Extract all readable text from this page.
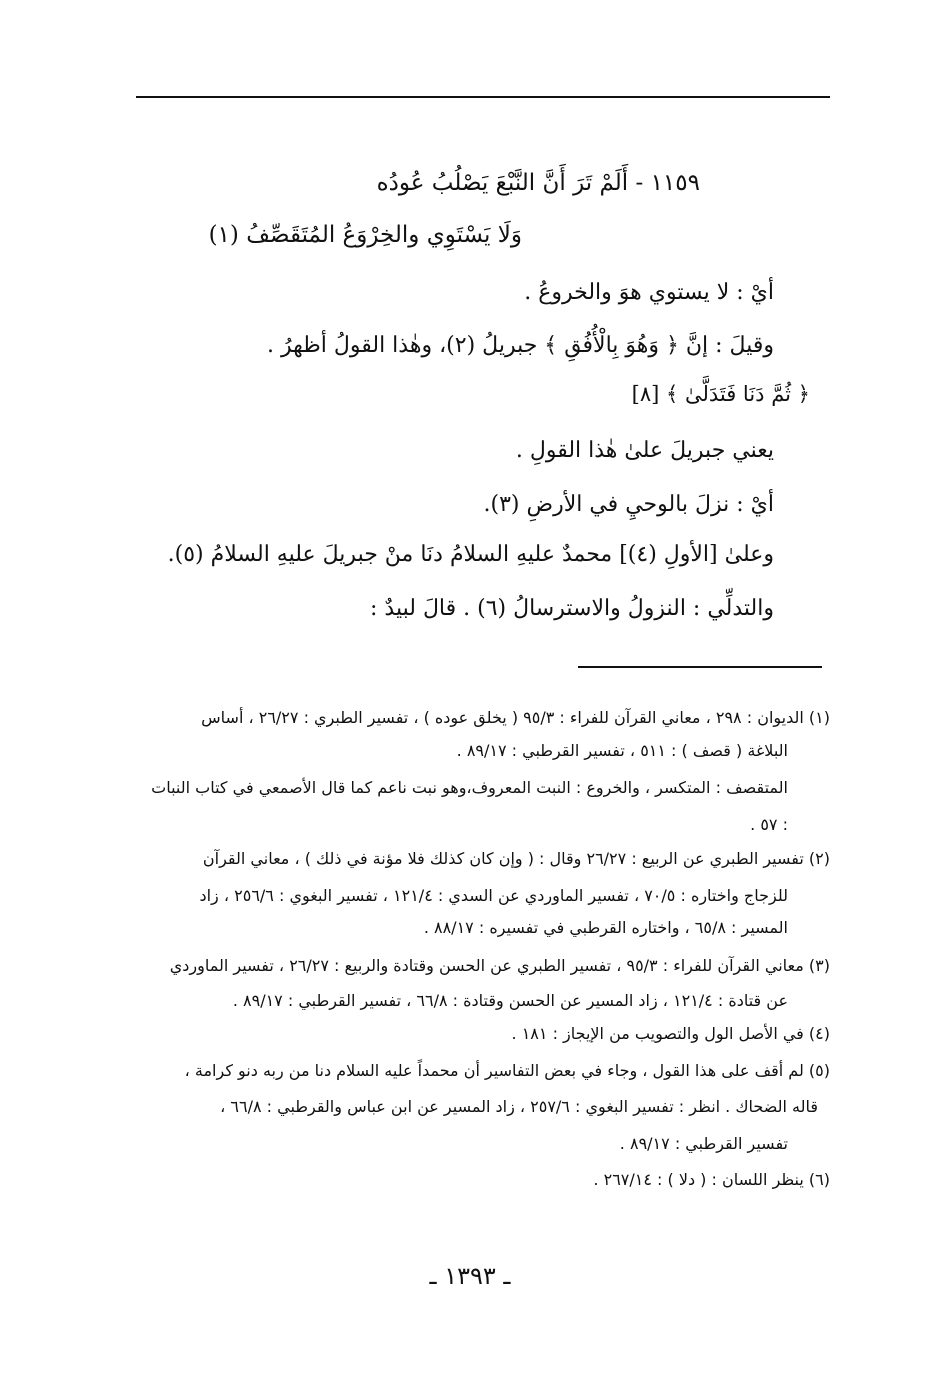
١١٥٩ - أَلَمْ تَرَ أَنَّ النَّبْعَ يَصْلُبُ عُودُه
وَلَا يَسْتَوِي والخِرْوَعُ المُتَقَصِّفُ (١)
أيْ : لا يستوي هوَ والخروعُ .
وقيلَ : إنَّ ﴿ وَهُوَ بِالْأُفُقِ ﴾ جبريلُ (٢)، وهٰذا القولُ أظهرُ .
﴿ ثُمَّ دَنَا فَتَدَلَّىٰ ﴾ [٨]
يعني جبريلَ علىٰ هٰذا القولِ .
أيْ : نزلَ بالوحيِ في الأرضِ (٣).
وعلىٰ [الأولِ (٤)] محمدٌ عليهِ السلامُ دنَا منْ جبريلَ عليهِ السلامُ (٥).
والتدلِّي : النزولُ والاسترسالُ (٦) . قالَ لبيدٌ :
(١) الديوان : ٢٩٨ ، معاني القرآن للفراء : ٩٥/٣ ( يخلق عوده ) ، تفسير الطبري : ٢٦/٢٧ ، أساس
البلاغة ( قصف ) : ٥١١ ، تفسير القرطبي : ٨٩/١٧ .
المتقصف : المتكسر ، والخروع : النبت المعروف،وهو نبت ناعم كما قال الأصمعي في كتاب النبات
: ٥٧ .
(٢) تفسير الطبري عن الربيع : ٢٦/٢٧ وقال : ( وإن كان كذلك فلا مؤنة في ذلك ) ، معاني القرآن
للزجاج واختاره : ٧٠/٥ ، تفسير الماوردي عن السدي : ١٢١/٤ ، تفسير البغوي : ٢٥٦/٦ ، زاد
المسير : ٦٥/٨ ، واختاره القرطبي في تفسيره : ٨٨/١٧ .
(٣) معاني القرآن للفراء : ٩٥/٣ ، تفسير الطبري عن الحسن وقتادة والربيع : ٢٦/٢٧ ، تفسير الماوردي
عن قتادة : ١٢١/٤ ، زاد المسير عن الحسن وقتادة : ٦٦/٨ ، تفسير القرطبي : ٨٩/١٧ .
(٤) في الأصل الول والتصويب من الإيجاز : ١٨١ .
(٥) لم أقف على هذا القول ، وجاء في بعض التفاسير أن محمداً عليه السلام دنا من ربه دنو كرامة ،
قاله الضحاك . انظر : تفسير البغوي : ٢٥٧/٦ ، زاد المسير عن ابن عباس والقرطبي : ٦٦/٨ ،
تفسير القرطبي : ٨٩/١٧ .
(٦) ينظر اللسان : ( دلا ) : ٢٦٧/١٤ .
ـ ١٣٩٣ ـ
